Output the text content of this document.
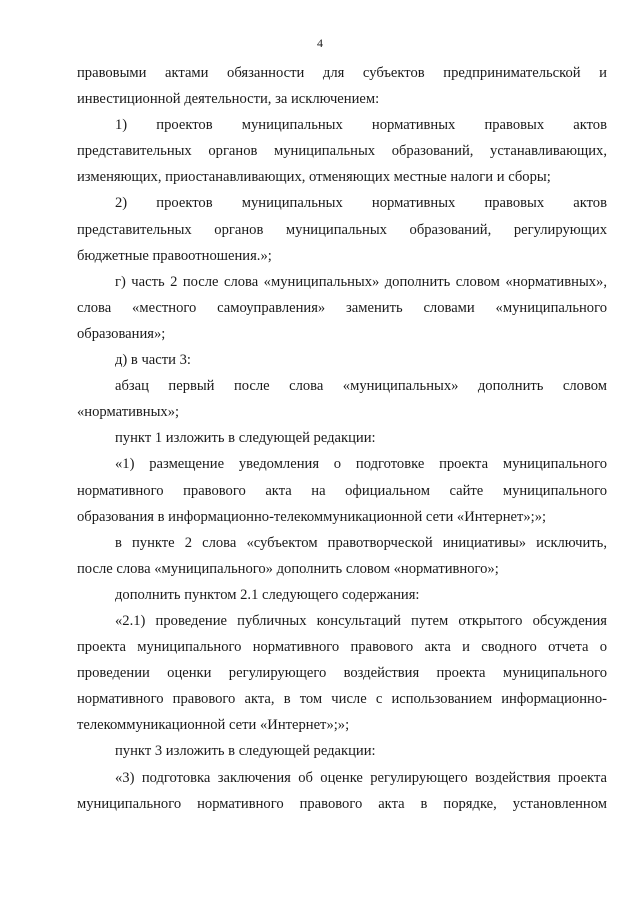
4
правовыми актами обязанности для субъектов предпринимательской и
инвестиционной деятельности, за исключением:
1) проектов муниципальных нормативных правовых актов
представительных органов муниципальных образований, устанавливающих,
изменяющих, приостанавливающих, отменяющих местные налоги и сборы;
2) проектов муниципальных нормативных правовых актов
представительных органов муниципальных образований, регулирующих
бюджетные правоотношения.»;
г) часть 2 после слова «муниципальных» дополнить словом «нормативных»,
слова «местного самоуправления» заменить словами «муниципального
образования»;
д) в части 3:
абзац первый после слова «муниципальных» дополнить словом
«нормативных»;
пункт 1 изложить в следующей редакции:
«1) размещение уведомления о подготовке проекта муниципального
нормативного правового акта на официальном сайте муниципального
образования в информационно-телекоммуникационной сети «Интернет»;»;
в пункте 2 слова «субъектом правотворческой инициативы» исключить,
после слова «муниципального» дополнить словом «нормативного»;
дополнить пунктом 2.1 следующего содержания:
«2.1) проведение публичных консультаций путем открытого обсуждения
проекта муниципального нормативного правового акта и сводного отчета о
проведении оценки регулирующего воздействия проекта муниципального
нормативного правового акта, в том числе с использованием информационно-
телекоммуникационной сети «Интернет»;»;
пункт 3 изложить в следующей редакции:
«3) подготовка заключения об оценке регулирующего воздействия проекта
муниципального нормативного правового акта в порядке, установленном
